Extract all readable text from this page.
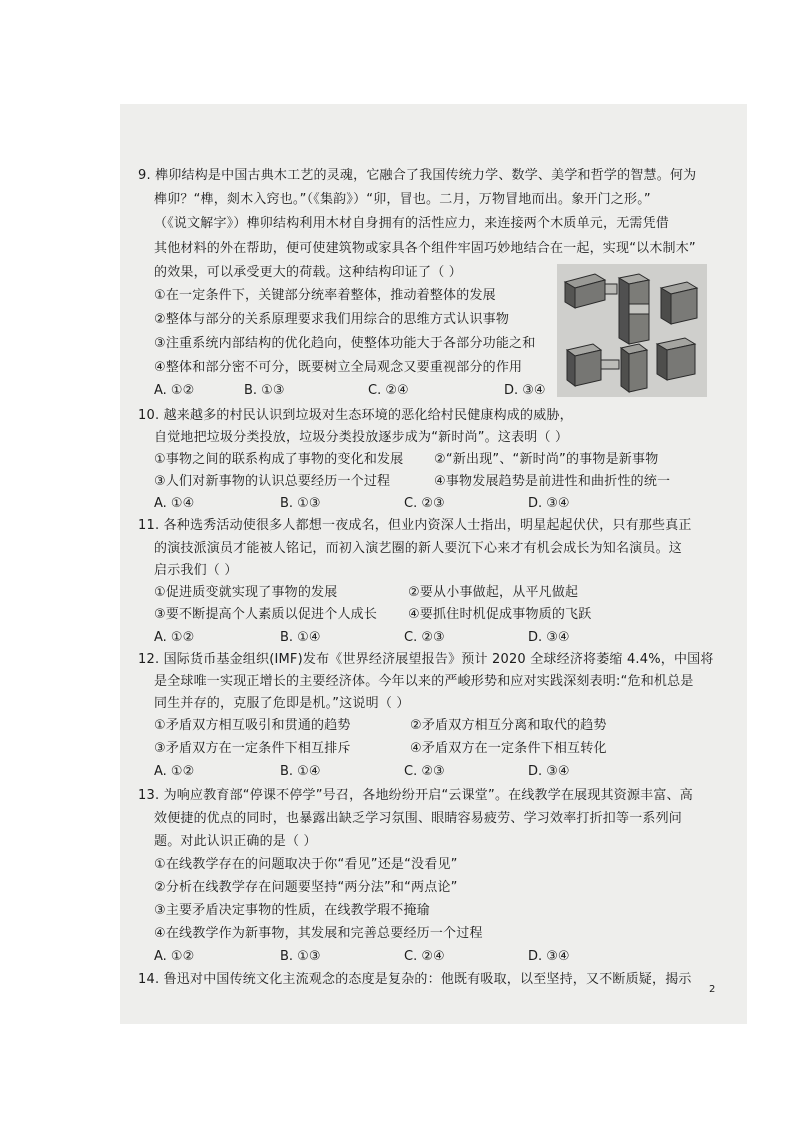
9. 榫卯结构是中国古典木工艺的灵魂，它融合了我国传统力学、数学、美学和哲学的智慧。何为
榫卯？“榫，剡木入窍也。”（《集韵》）“卯，冒也。二月，万物冒地而出。象开门之形。”
（《说文解字》）榫卯结构利用木材自身拥有的活性应力，来连接两个木质单元，无需凭借
其他材料的外在帮助，便可使建筑物或家具各个组件牢固巧妙地结合在一起，实现“以木制木”
的效果，可以承受更大的荷载。这种结构印证了（ ）
①在一定条件下，关键部分统率着整体，推动着整体的发展
②整体与部分的关系原理要求我们用综合的思维方式认识事物
③注重系统内部结构的优化趋向，使整体功能大于各部分功能之和
④整体和部分密不可分，既要树立全局观念又要重视部分的作用
A. ①②	B. ①③	C. ②④	D. ③④
10. 越来越多的村民认识到垃圾对生态环境的恶化给村民健康构成的威胁，
自觉地把垃圾分类投放，垃圾分类投放逐步成为“新时尚”。这表明（ ）
①事物之间的联系构成了事物的变化和发展 ②“新出现”、“新时尚”的事物是新事物
③人们对新事物的认识总要经历一个过程	④事物发展趋势是前进性和曲折性的统一
A. ①④	B. ①③	C. ②③	D. ③④
11. 各种选秀活动使很多人都想一夜成名，但业内资深人士指出，明星起起伏伏，只有那些真正
的演技派演员才能被人铭记，而初入演艺圈的新人要沉下心来才有机会成长为知名演员。这
启示我们（ ）
①促进质变就实现了事物的发展	②要从小事做起，从平凡做起
③要不断提高个人素质以促进个人成长 ④要抓住时机促成事物质的飞跃
A. ①②	B. ①④	C. ②③	D. ③④
12. 国际货币基金组织(IMF)发布《世界经济展望报告》预计 2020 全球经济将萎缩 4.4%，中国将
是全球唯一实现正增长的主要经济体。今年以来的严峻形势和应对实践深刻表明:“危和机总是
同生并存的，克服了危即是机。”这说明（ ）
①矛盾双方相互吸引和贯通的趋势	②矛盾双方相互分离和取代的趋势
③矛盾双方在一定条件下相互排斥	④矛盾双方在一定条件下相互转化
A. ①②	B. ①④	C. ②③	D. ③④
13. 为响应教育部“停课不停学”号召，各地纷纷开启“云课堂”。在线教学在展现其资源丰富、高
效便捷的优点的同时，也暴露出缺乏学习氛围、眼睛容易疲劳、学习效率打折扣等一系列问
题。对此认识正确的是（ ）
①在线教学存在的问题取决于你“看见”还是“没看见”
②分析在线教学存在问题要坚持“两分法”和“两点论”
③主要矛盾决定事物的性质，在线教学瑕不掩瑜
④在线教学作为新事物，其发展和完善总要经历一个过程
A. ①②	B. ①③	C. ②④	D. ③④
14. 鲁迅对中国传统文化主流观念的态度是复杂的：他既有吸取，以至坚持，又不断质疑，揭示
2
